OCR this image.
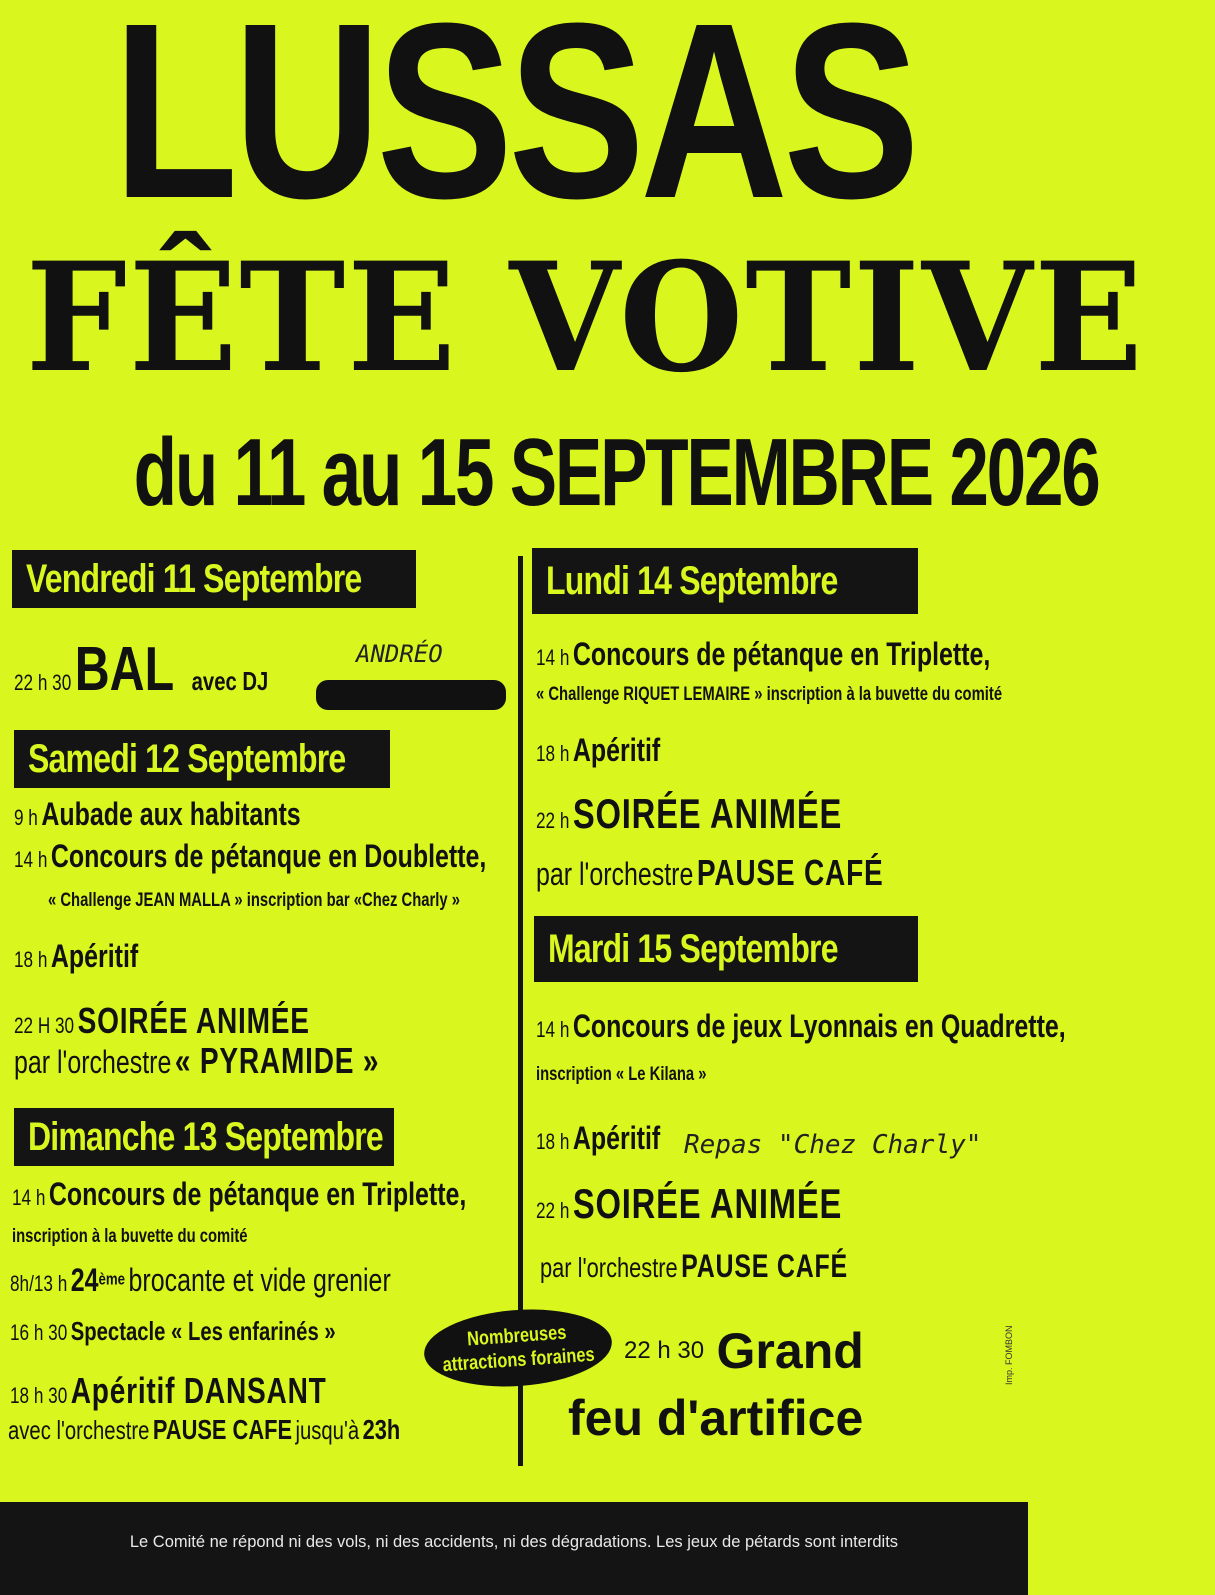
LUSSAS
FÊTE VOTIVE
du 11 au 15 SEPTEMBRE 2026
Vendredi 11 Septembre
22 h 30 BAL avec DJ
ANDRÉO
Samedi 12 Septembre
9 h Aubade aux habitants
14 h Concours de pétanque en Doublette,
« Challenge JEAN MALLA » inscription bar «Chez Charly »
18 h Apéritif
22 H 30 SOIRÉE ANIMÉE
par l'orchestre « PYRAMIDE »
Dimanche 13 Septembre
14 h Concours de pétanque en Triplette,
inscription à la buvette du comité
8h/13 h 24ème brocante et vide grenier
16 h 30 Spectacle « Les enfarinés »
18 h 30 Apéritif DANSANT
avec l'orchestre PAUSE CAFE jusqu'à 23h
Lundi 14 Septembre
14 h Concours de pétanque en Triplette,
« Challenge RIQUET LEMAIRE » inscription à la buvette du comité
18 h Apéritif
22 h SOIRÉE ANIMÉE
par l'orchestre PAUSE CAFÉ
Mardi 15 Septembre
14 h Concours de jeux Lyonnais en Quadrette,
inscription « Le Kilana »
18 h Apéritif Repas "Chez Charly"
22 h SOIRÉE ANIMÉE
par l'orchestre PAUSE CAFÉ
Nombreuses
attractions foraines 22 h 30 Grand
feu d'artifice
Imp. FOMBON
Le Comité ne répond ni des vols, ni des accidents, ni des dégradations. Les jeux de pétards sont interdits
